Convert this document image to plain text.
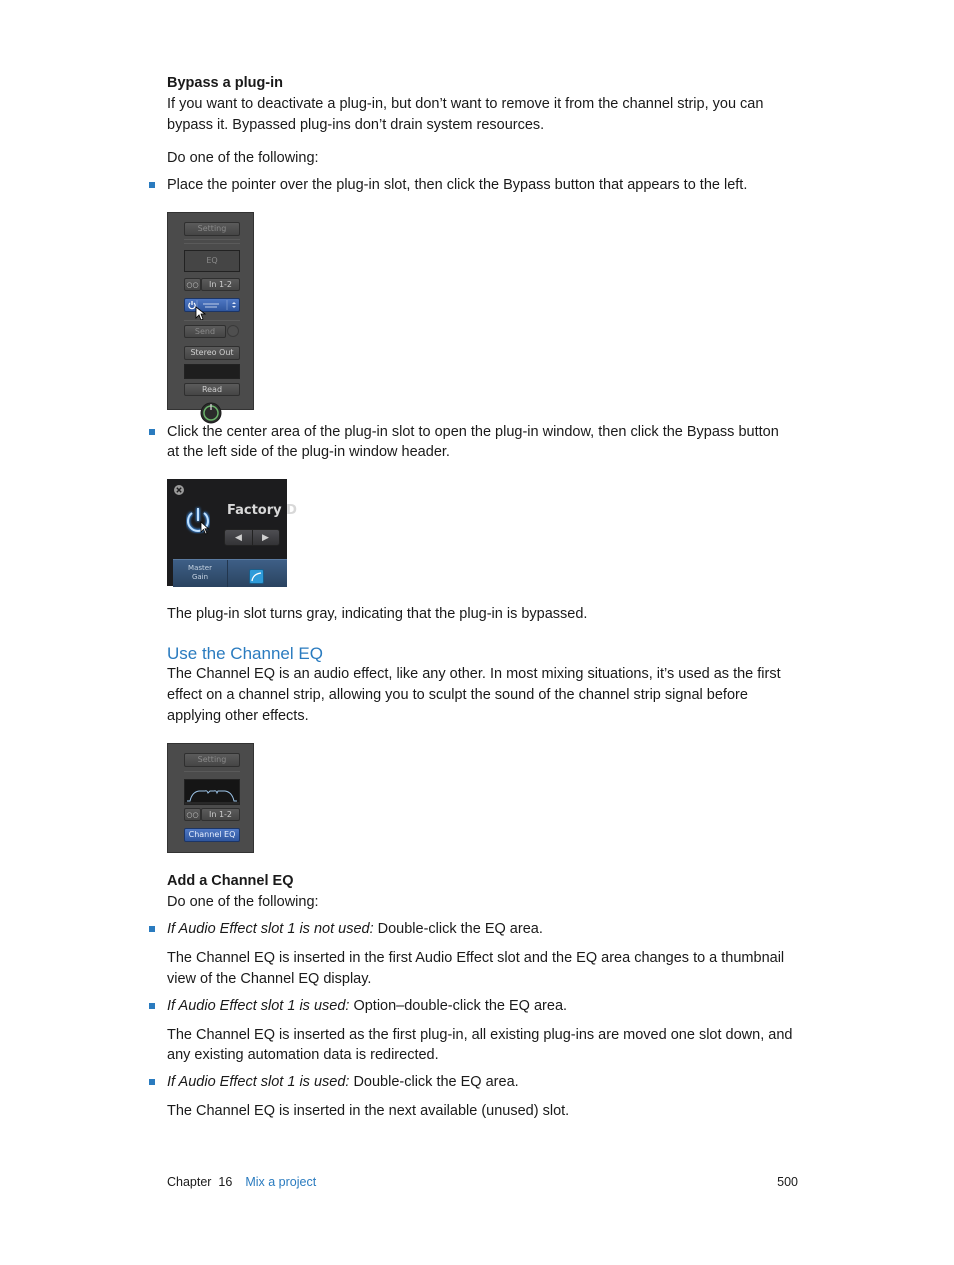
Bypass a plug-in

If you want to deactivate a plug-in, but don’t want to remove it from the channel strip, you can

bypass it. Bypassed plug-ins don’t drain system resources.

Do one of the following:

Place the pointer over the plug-in slot, then click the Bypass button that appears to the left.

Setting
EQ
○○	In 1-2
Send
Stereo Out
Read

Click the center area of the plug-in slot to open the plug-in window, then click the Bypass button

at the left side of the plug-in window header.

Factory D
◀	▶
Master
Gain

The plug-in slot turns gray, indicating that the plug-in is bypassed.

Use the Channel EQ

The Channel EQ is an audio effect, like any other. In most mixing situations, it’s used as the first

effect on a channel strip, allowing you to sculpt the sound of the channel strip signal before

applying other effects.

Setting
○○	In 1-2
Channel EQ

Add a Channel EQ

Do one of the following:

If Audio Effect slot 1 is not used: Double-click the EQ area.

The Channel EQ is inserted in the first Audio Effect slot and the EQ area changes to a thumbnail

view of the Channel EQ display.

If Audio Effect slot 1 is used: Option–double-click the EQ area.

The Channel EQ is inserted as the first plug-in, all existing plug-ins are moved one slot down, and

any existing automation data is redirected.

If Audio Effect slot 1 is used: Double-click the EQ area.

The Channel EQ is inserted in the next available (unused) slot.

Chapter  16 Mix a project	500
